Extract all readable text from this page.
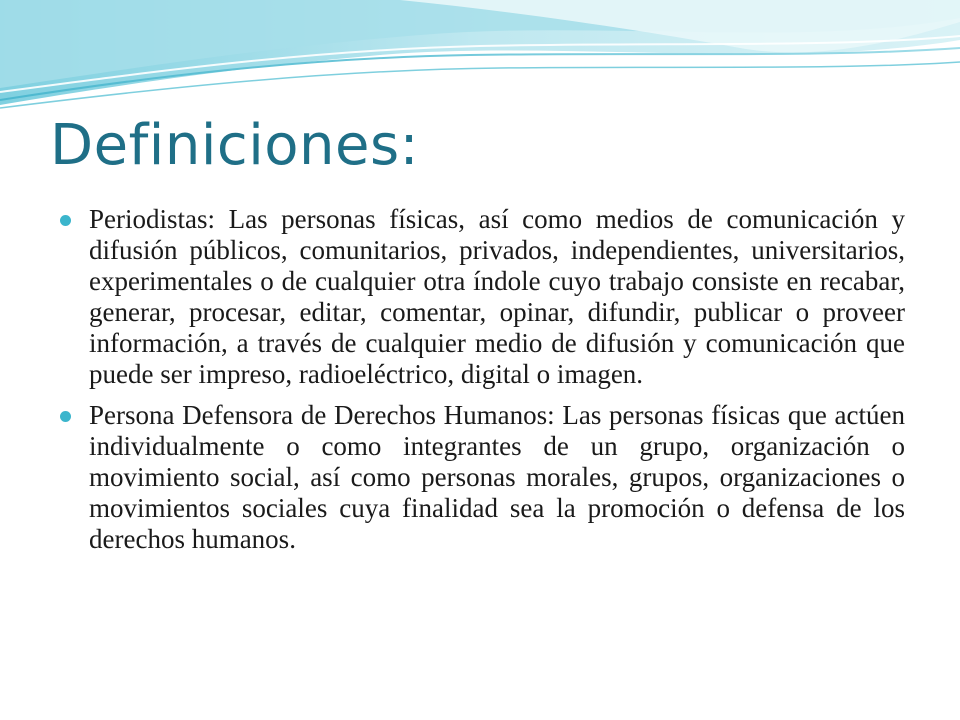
Definiciones:
Periodistas: Las personas físicas, así como medios de comunicación y difusión públicos, comunitarios, privados, independientes, universitarios, experimentales o de cualquier otra índole cuyo trabajo consiste en recabar, generar, procesar, editar, comentar, opinar, difundir, publicar o proveer información, a través de cualquier medio de difusión y comunicación que puede ser impreso, radioeléctrico, digital o imagen.
Persona Defensora de Derechos Humanos: Las personas físicas que actúen individualmente o como integrantes de un grupo, organización o movimiento social, así como personas morales, grupos, organizaciones o movimientos sociales cuya finalidad sea la promoción o defensa de los derechos humanos.
